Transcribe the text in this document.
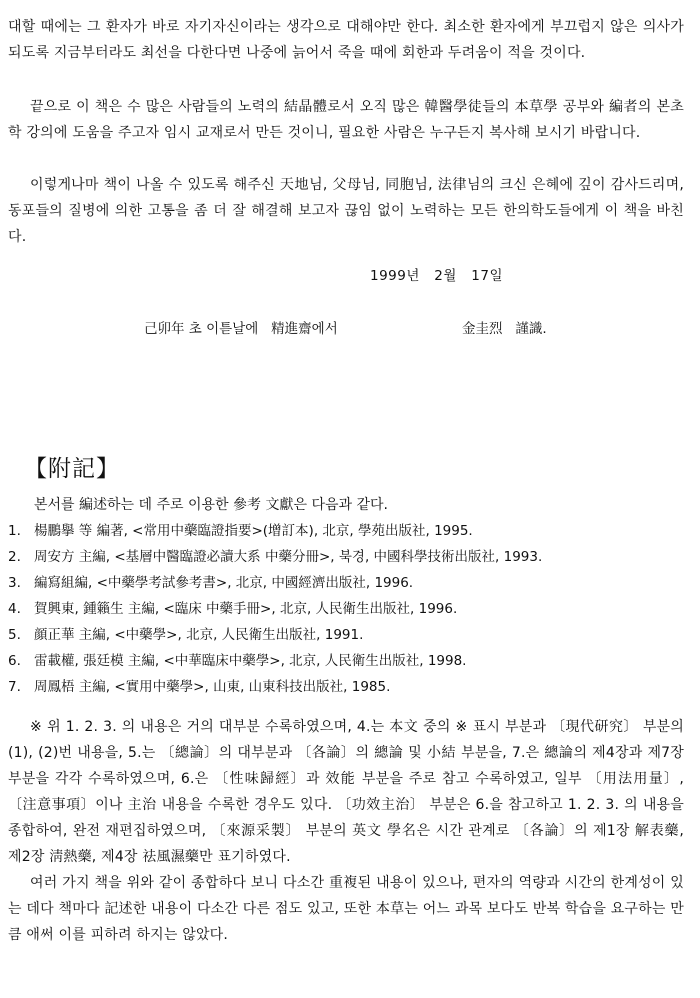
대할 때에는 그 환자가 바로 자기자신이라는 생각으로 대해야만 한다. 최소한 환자에게 부끄럽지 않은 의사가 되도록 지금부터라도 최선을 다한다면 나중에 늙어서 죽을 때에 회한과 두려움이 적을 것이다.

끝으로 이 책은 수 많은 사람들의 노력의 結晶體로서 오직 많은 韓醫學徒들의 本草學 공부와 編者의 본초학 강의에 도움을 주고자 임시 교재로서 만든 것이니, 필요한 사람은 누구든지 복사해 보시기 바랍니다.

이렇게나마 책이 나올 수 있도록 해주신 天地님, 父母님, 同胞님, 法律님의 크신 은혜에 깊이 감사드리며, 동포들의 질병에 의한 고통을 좀 더 잘 해결해 보고자 끊임 없이 노력하는 모든 한의학도들에게 이 책을 바친다.

1999년   2월   17일
己卯年 초 이튿날에   精進齋에서	金圭烈   謹識.
【附記】
본서를 編述하는 데 주로 이용한 參考 文獻은 다음과 같다.
1. 楊鵬擧 等 編著, <常用中藥臨證指要>(增訂本), 北京, 學苑出版社, 1995.
2. 周安方 主編, <基層中醫臨證必讀大系 中藥分冊>, 북경, 中國科學技術出版社, 1993.
3. 編寫組編, <中藥學考試參考書>, 北京, 中國經濟出版社, 1996.
4. 賀興東, 鍾籟生 主編, <臨床 中藥手冊>, 北京, 人民衛生出版社, 1996.
5. 顔正華 主編, <中藥學>, 北京, 人民衛生出版社, 1991.
6. 雷載權, 張廷模 主編, <中華臨床中藥學>, 北京, 人民衛生出版社, 1998.
7. 周鳳梧 主編, <實用中藥學>, 山東, 山東科技出版社, 1985.

※ 위 1. 2. 3. 의 내용은 거의 대부분 수록하였으며, 4.는 本文 중의 ※ 표시 부분과 〔現代研究〕 부분의 (1), (2)번 내용을, 5.는 〔總論〕의 대부분과 〔各論〕의 總論 및 小結 부분을, 7.은 總論의 제4장과 제7장 부분을 각각 수록하였으며, 6.은 〔性味歸經〕과 效能 부분을 주로 참고 수록하였고, 일부 〔用法用量〕, 〔注意事項〕이나 主治 내용을 수록한 경우도 있다. 〔功效主治〕 부분은 6.을 참고하고 1. 2. 3. 의 내용을 종합하여, 완전 재편집하였으며, 〔來源采製〕 부분의 英文 學名은 시간 관계로 〔各論〕의 제1장 解表藥, 제2장 淸熱藥, 제4장 祛風濕藥만 표기하였다.

여러 가지 책을 위와 같이 종합하다 보니 다소간 重複된 내용이 있으나, 편자의 역량과 시간의 한계성이 있는 데다 책마다 記述한 내용이 다소간 다른 점도 있고, 또한 本草는 어느 과목 보다도 반복 학습을 요구하는 만큼 애써 이를 피하려 하지는 않았다.
